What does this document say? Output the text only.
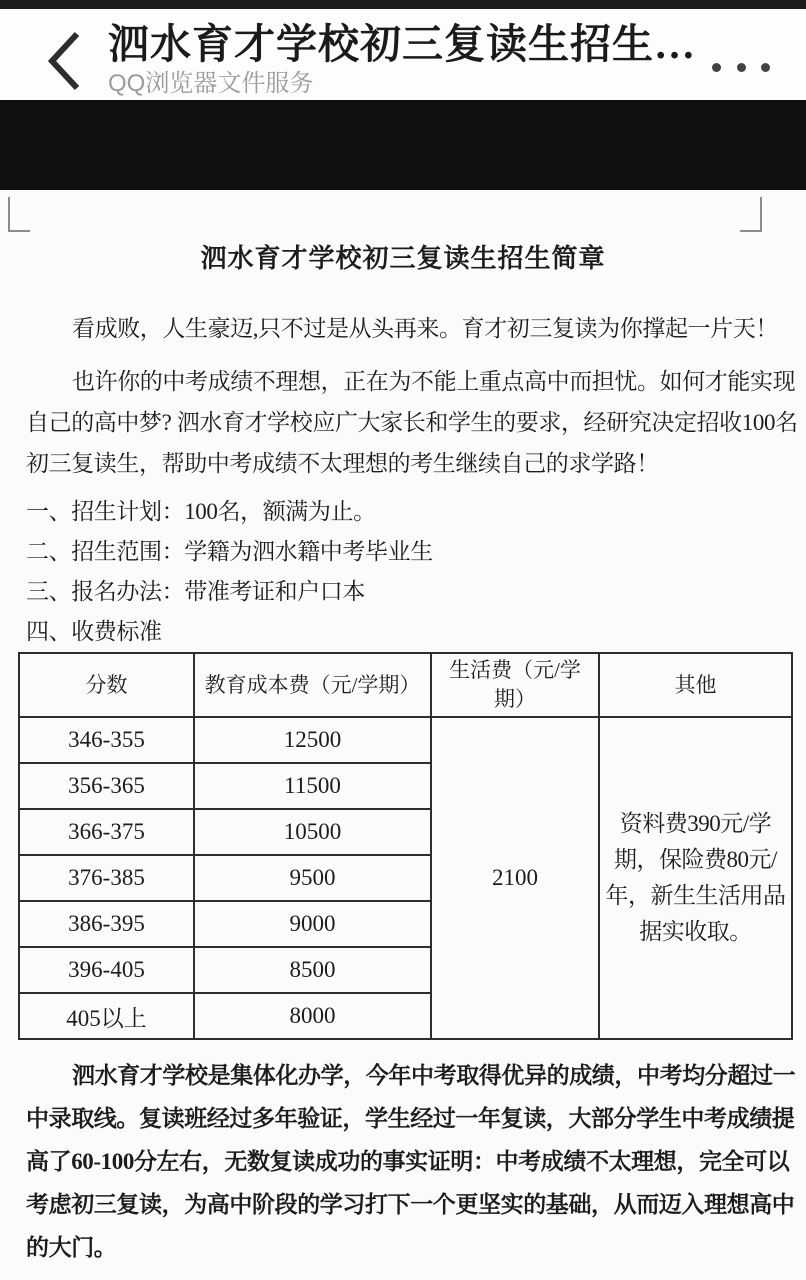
泗水育才学校初三复读生招生…
QQ浏览器文件服务
泗水育才学校初三复读生招生简章
看成败，人生豪迈,只不过是从头再来。育才初三复读为你撑起一片天！
也许你的中考成绩不理想，正在为不能上重点高中而担忧。如何才能实现
自己的高中梦? 泗水育才学校应广大家长和学生的要求，经研究决定招收100名
初三复读生，帮助中考成绩不太理想的考生继续自己的求学路！
一、招生计划：100名，额满为止。
二、招生范围：学籍为泗水籍中考毕业生
三、报名办法：带准考证和户口本
四、收费标准
分数	教育成本费（元/学期）	生活费（元/学期）	其他
346-355	12500	2100	资料费390元/学期，保险费80元/年，新生生活用品据实收取。
356-365	11500		
366-375	10500		
376-385	9500		
386-395	9000		
396-405	8500		
405以上	8000		
泗水育才学校是集体化办学，今年中考取得优异的成绩，中考均分超过一
中录取线。复读班经过多年验证，学生经过一年复读，大部分学生中考成绩提
高了60-100分左右，无数复读成功的事实证明：中考成绩不太理想，完全可以
考虑初三复读，为高中阶段的学习打下一个更坚实的基础，从而迈入理想高中
的大门。
